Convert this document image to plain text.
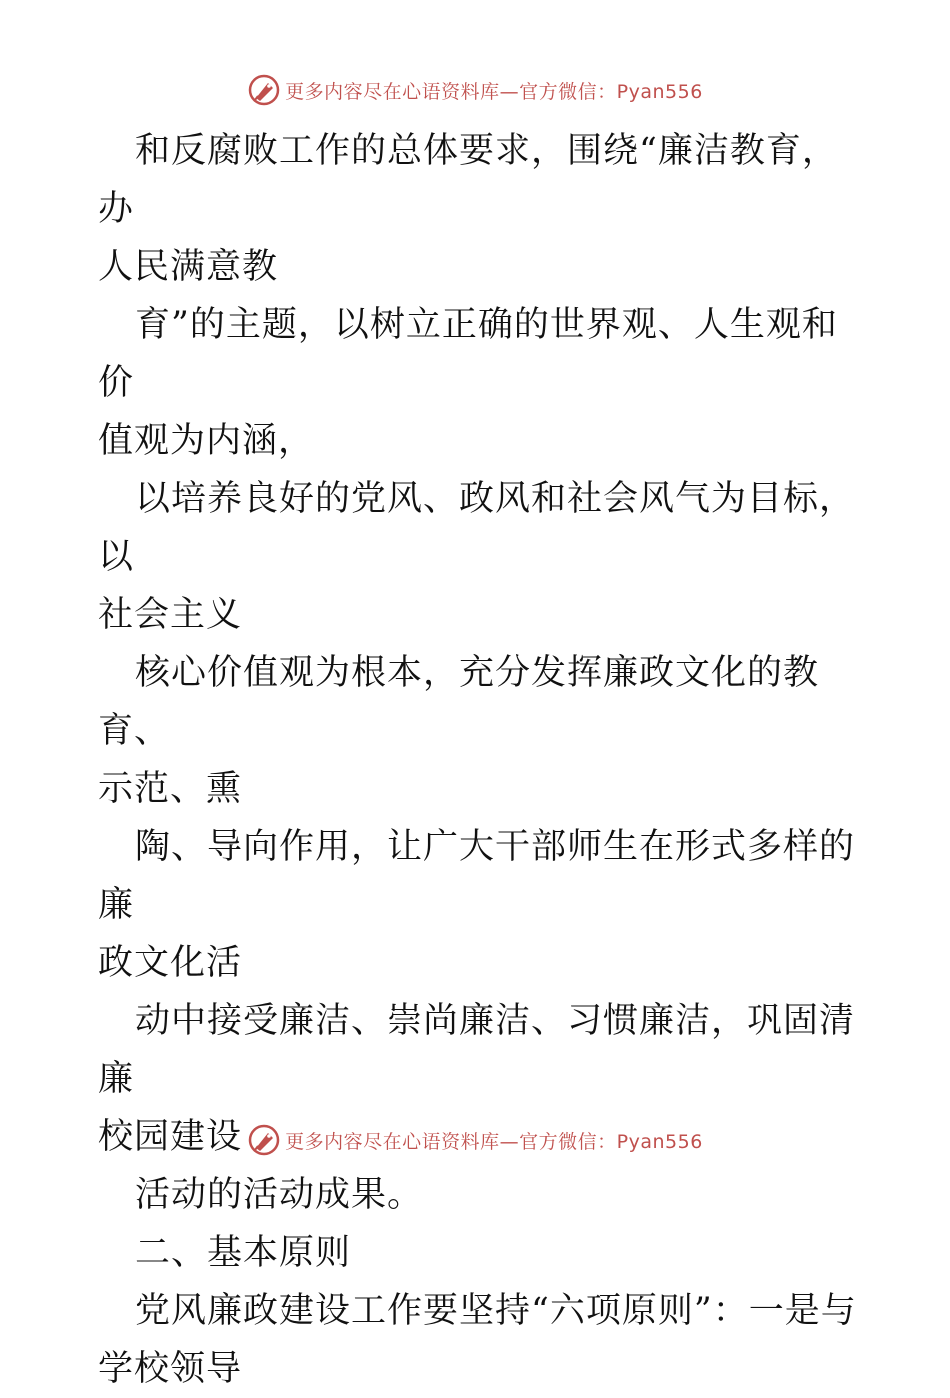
更多内容尽在心语资料库—官方微信：Pyan556

和反腐败工作的总体要求，围绕“廉洁教育，办

人民满意教

育”的主题，以树立正确的世界观、人生观和价

值观为内涵，

以培养良好的党风、政风和社会风气为目标，以

社会主义

核心价值观为根本，充分发挥廉政文化的教育、

示范、熏

陶、导向作用，让广大干部师生在形式多样的廉

政文化活

动中接受廉洁、崇尚廉洁、习惯廉洁，巩固清廉

校园建设

活动的活动成果。

二、基本原则

党风廉政建设工作要坚持“六项原则”：一是与

学校领导

更多内容尽在心语资料库—官方微信：Pyan556
